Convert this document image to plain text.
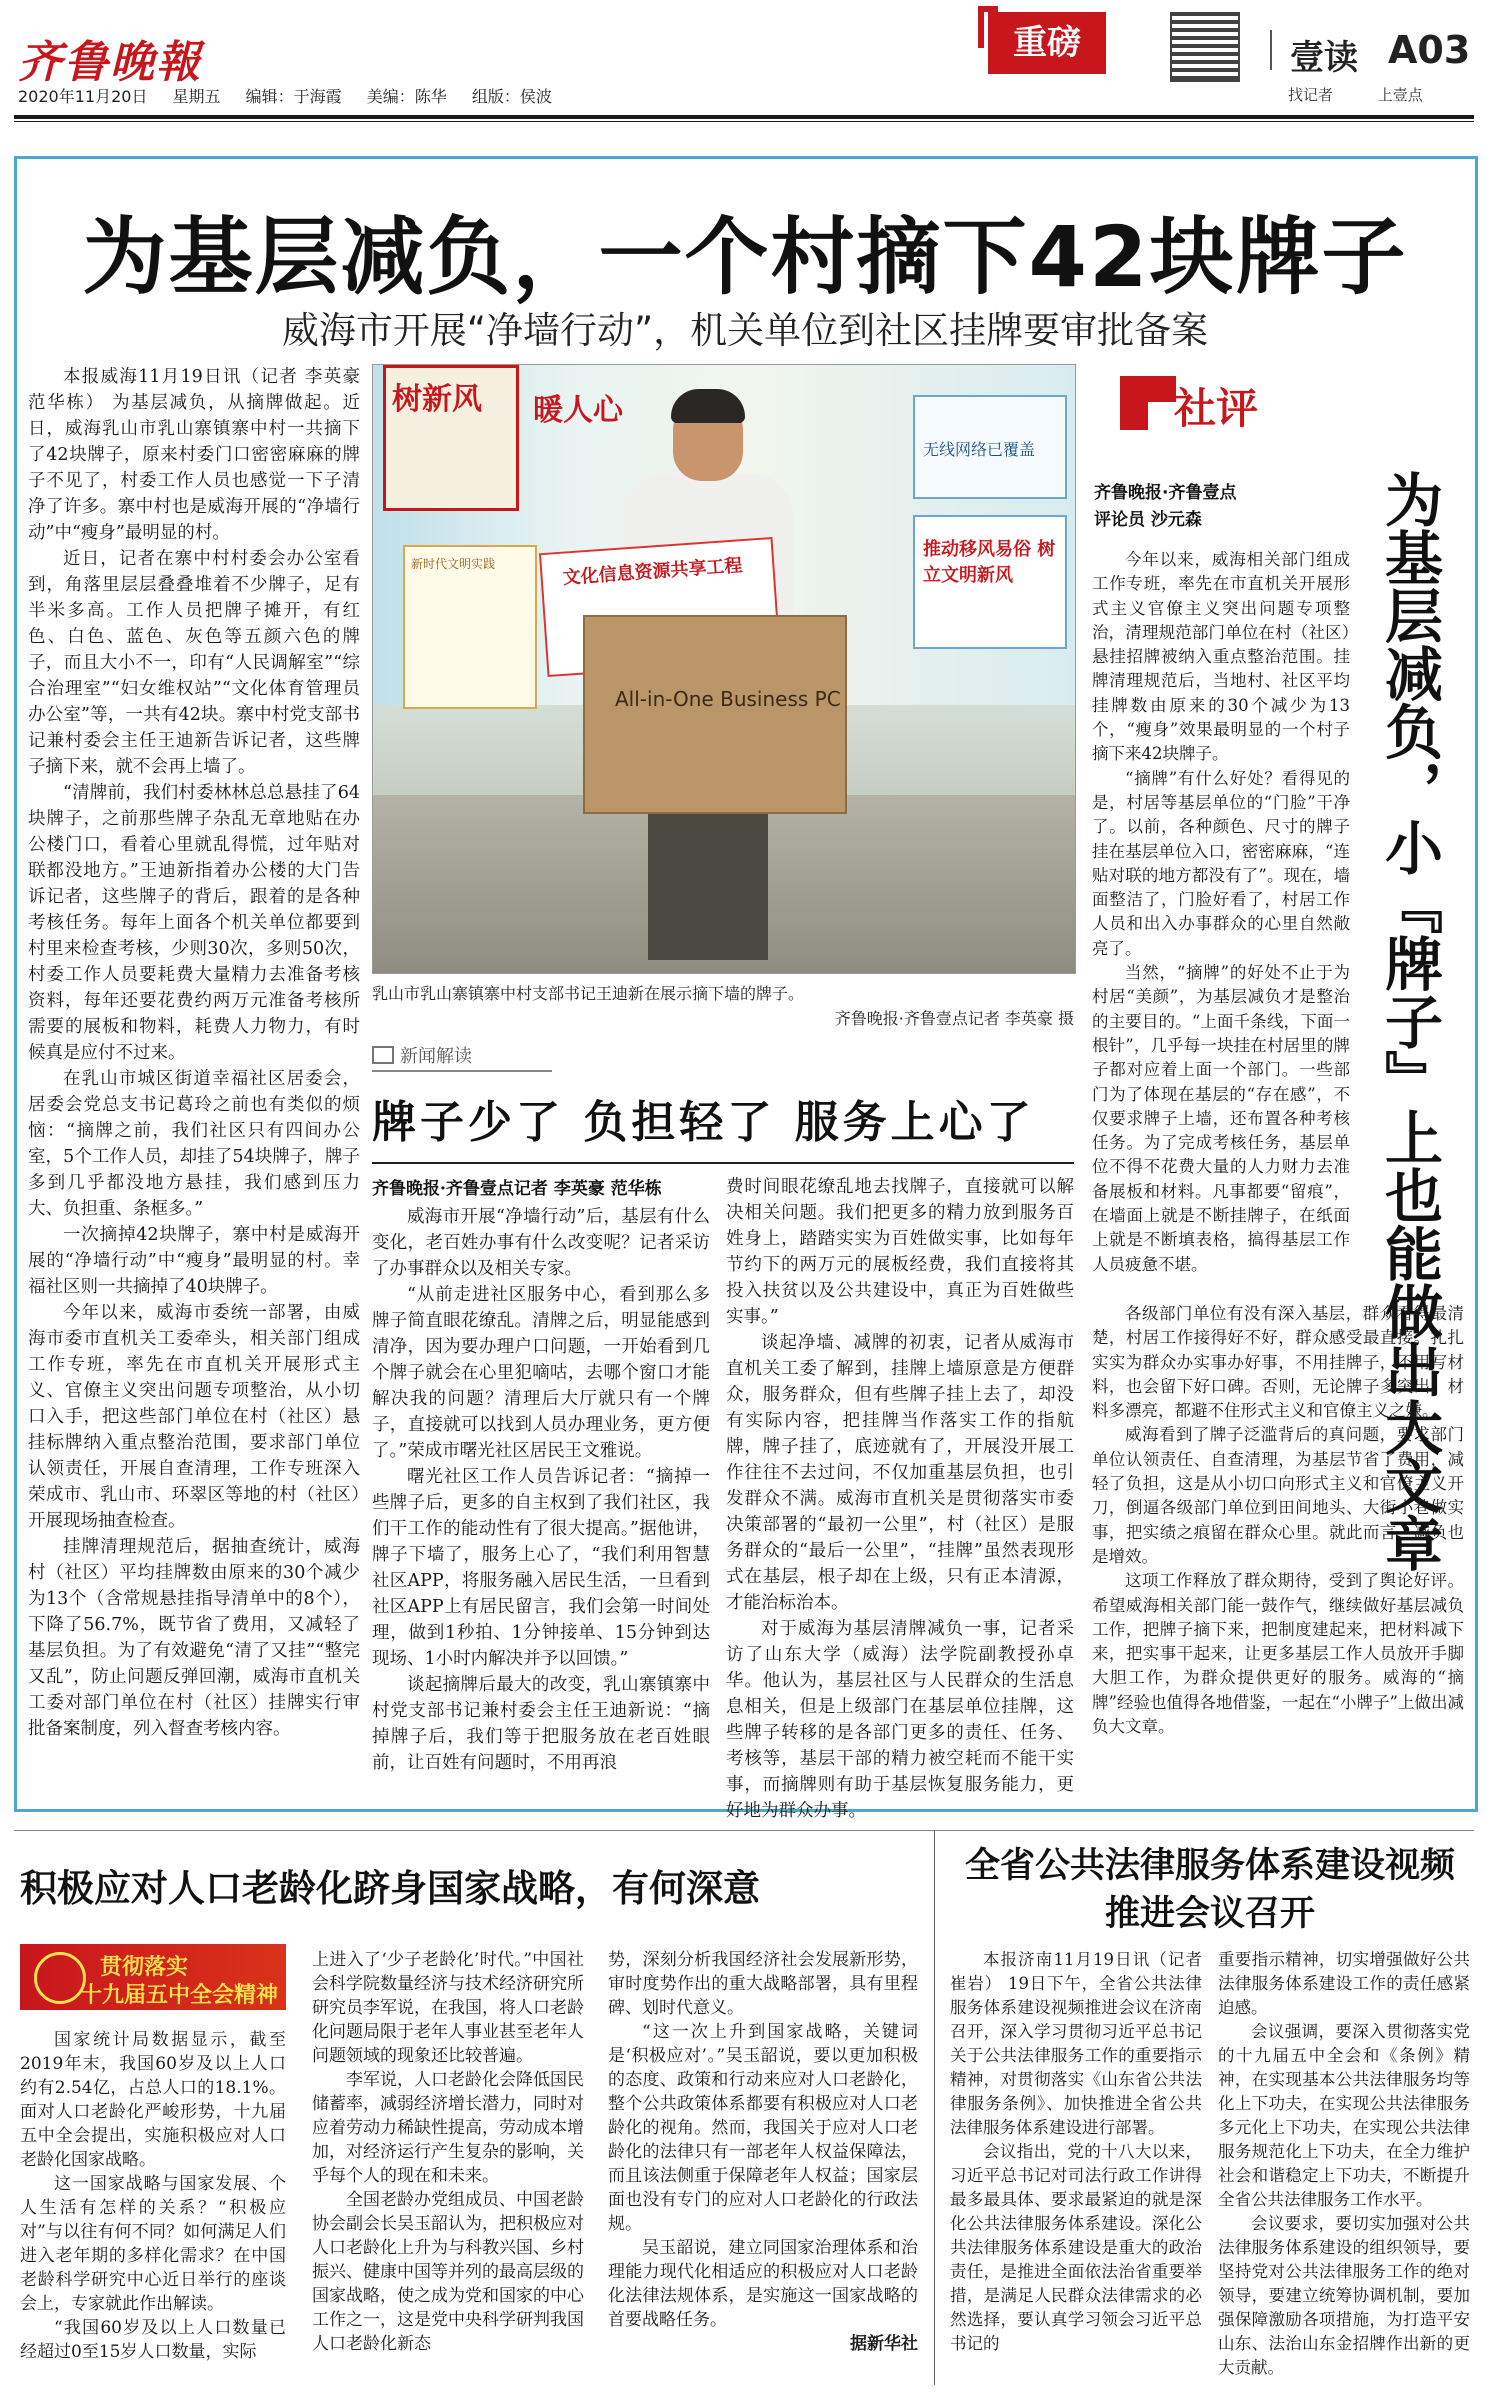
齐鲁晚報
2020年11月20日 星期五 编辑：于海霞 美编：陈华 组版：侯波
重磅	壹读 A03
找记者	上壹点
为基层减负，一个村摘下42块牌子
威海市开展“净墙行动”，机关单位到社区挂牌要审批备案

本报威海11月19日讯（记者 李英豪 范华栋） 为基层减负，从摘牌做起。近日，威海乳山市乳山寨镇寨中村一共摘下了42块牌子，原来村委门口密密麻麻的牌子不见了，村委工作人员也感觉一下子清净了许多。寨中村也是威海开展的“净墙行动”中“瘦身”最明显的村。

近日，记者在寨中村村委会办公室看到，角落里层层叠叠堆着不少牌子，足有半米多高。工作人员把牌子摊开，有红色、白色、蓝色、灰色等五颜六色的牌子，而且大小不一，印有“人民调解室”“综合治理室”“妇女维权站”“文化体育管理员办公室”等，一共有42块。寨中村党支部书记兼村委会主任王迪新告诉记者，这些牌子摘下来，就不会再上墙了。

“清牌前，我们村委林林总总悬挂了64块牌子，之前那些牌子杂乱无章地贴在办公楼门口，看着心里就乱得慌，过年贴对联都没地方。”王迪新指着办公楼的大门告诉记者，这些牌子的背后，跟着的是各种考核任务。每年上面各个机关单位都要到村里来检查考核，少则30次，多则50次，村委工作人员要耗费大量精力去准备考核资料，每年还要花费约两万元准备考核所需要的展板和物料，耗费人力物力，有时候真是应付不过来。

在乳山市城区街道幸福社区居委会，居委会党总支书记葛玲之前也有类似的烦恼：“摘牌之前，我们社区只有四间办公室，5个工作人员，却挂了54块牌子，牌子多到几乎都没地方悬挂，我们感到压力大、负担重、条框多。”

一次摘掉42块牌子，寨中村是威海开展的“净墙行动”中“瘦身”最明显的村。幸福社区则一共摘掉了40块牌子。

今年以来，威海市委统一部署，由威海市委市直机关工委牵头，相关部门组成工作专班，率先在市直机关开展形式主义、官僚主义突出问题专项整治，从小切口入手，把这些部门单位在村（社区）悬挂标牌纳入重点整治范围，要求部门单位认领责任，开展自查清理，工作专班深入荣成市、乳山市、环翠区等地的村（社区）开展现场抽查检查。

挂牌清理规范后，据抽查统计，威海村（社区）平均挂牌数由原来的30个减少为13个（含常规悬挂指导清单中的8个），下降了56.7%，既节省了费用，又减轻了基层负担。为了有效避免“清了又挂”“整完又乱”，防止问题反弹回潮，威海市直机关工委对部门单位在村（社区）挂牌实行审批备案制度，列入督查考核内容。

树新风 暖人心
新时代文明实践
无线网络已覆盖
推动移风易俗 树立文明新风
文化信息资源共享工程
All-in-One Business PC
乳山市乳山寨镇寨中村支部书记王迪新在展示摘下墙的牌子。
齐鲁晚报·齐鲁壹点记者 李英豪 摄
新闻解读
牌子少了 负担轻了 服务上心了
齐鲁晚报·齐鲁壹点记者 李英豪 范华栋

威海市开展“净墙行动”后，基层有什么变化，老百姓办事有什么改变呢？记者采访了办事群众以及相关专家。

“从前走进社区服务中心，看到那么多牌子简直眼花缭乱。清牌之后，明显能感到清净，因为要办理户口问题，一开始看到几个牌子就会在心里犯嘀咕，去哪个窗口才能解决我的问题？清理后大厅就只有一个牌子，直接就可以找到人员办理业务，更方便了。”荣成市曙光社区居民王文雅说。

曙光社区工作人员告诉记者：“摘掉一些牌子后，更多的自主权到了我们社区，我们干工作的能动性有了很大提高。”据他讲，牌子下墙了，服务上心了，“我们利用智慧社区APP，将服务融入居民生活，一旦看到社区APP上有居民留言，我们会第一时间处理，做到1秒拍、1分钟接单、15分钟到达现场、1小时内解决并予以回馈。”

谈起摘牌后最大的改变，乳山寨镇寨中村党支部书记兼村委会主任王迪新说：“摘掉牌子后，我们等于把服务放在老百姓眼前，让百姓有问题时，不用再浪

费时间眼花缭乱地去找牌子，直接就可以解决相关问题。我们把更多的精力放到服务百姓身上，踏踏实实为百姓做实事，比如每年节约下的两万元的展板经费，我们直接将其投入扶贫以及公共建设中，真正为百姓做些实事。”

谈起净墙、减牌的初衷，记者从威海市直机关工委了解到，挂牌上墙原意是方便群众，服务群众，但有些牌子挂上去了，却没有实际内容，把挂牌当作落实工作的指航牌，牌子挂了，底迹就有了，开展没开展工作往往不去过问，不仅加重基层负担，也引发群众不满。威海市直机关是贯彻落实市委决策部署的“最初一公里”，村（社区）是服务群众的“最后一公里”，“挂牌”虽然表现形式在基层，根子却在上级，只有正本清源，才能治标治本。

对于威海为基层清牌减负一事，记者采访了山东大学（威海）法学院副教授孙卓华。他认为，基层社区与人民群众的生活息息相关，但是上级部门在基层单位挂牌，这些牌子转移的是各部门更多的责任、任务、考核等，基层干部的精力被空耗而不能干实事，而摘牌则有助于基层恢复服务能力，更好地为群众办事。

社评
齐鲁晚报·齐鲁壹点
评论员 沙元森	为基层减负，小『牌子』上也能做出大文章

今年以来，威海相关部门组成工作专班，率先在市直机关开展形式主义官僚主义突出问题专项整治，清理规范部门单位在村（社区）悬挂招牌被纳入重点整治范围。挂牌清理规范后，当地村、社区平均挂牌数由原来的30个减少为13个，“瘦身”效果最明显的一个村子摘下来42块牌子。

“摘牌”有什么好处？看得见的是，村居等基层单位的“门脸”干净了。以前，各种颜色、尺寸的牌子挂在基层单位入口，密密麻麻，“连贴对联的地方都没有了”。现在，墙面整洁了，门脸好看了，村居工作人员和出入办事群众的心里自然敞亮了。

当然，“摘牌”的好处不止于为村居“美颜”，为基层减负才是整治的主要目的。“上面千条线，下面一根针”，几乎每一块挂在村居里的牌子都对应着上面一个部门。一些部门为了体现在基层的“存在感”，不仅要求牌子上墙，还布置各种考核任务。为了完成考核任务，基层单位不得不花费大量的人力财力去准备展板和材料。凡事都要“留痕”，在墙面上就是不断挂牌子，在纸面上就是不断填表格，搞得基层工作人员疲惫不堪。

各级部门单位有没有深入基层，群众看得最清楚，村居工作接得好不好，群众感受最直接。扎扎实实为群众办实事办好事，不用挂牌子，不用写材料，也会留下好口碑。否则，无论牌子多突出，材料多漂亮，都避不住形式主义和官僚主义之嫌。

威海看到了牌子泛滥背后的真问题，要求部门单位认领责任、自查清理，为基层节省了费用，减轻了负担，这是从小切口向形式主义和官僚主义开刀，倒逼各级部门单位到田间地头、大街小巷做实事，把实绩之痕留在群众心里。就此而言，减负也是增效。

这项工作释放了群众期待，受到了舆论好评。希望威海相关部门能一鼓作气，继续做好基层减负工作，把牌子摘下来，把制度建起来，把材料减下来，把实事干起来，让更多基层工作人员放开手脚大胆工作，为群众提供更好的服务。威海的“摘牌”经验也值得各地借鉴，一起在“小牌子”上做出减负大文章。

积极应对人口老龄化跻身国家战略，有何深意
贯彻落实
十九届五中全会精神

国家统计局数据显示，截至2019年末，我国60岁及以上人口约有2.54亿，占总人口的18.1%。面对人口老龄化严峻形势，十九届五中全会提出，实施积极应对人口老龄化国家战略。

这一国家战略与国家发展、个人生活有怎样的关系？“积极应对”与以往有何不同？如何满足人们进入老年期的多样化需求？在中国老龄科学研究中心近日举行的座谈会上，专家就此作出解读。

“我国60岁及以上人口数量已经超过0至15岁人口数量，实际

上进入了‘少子老龄化’时代。”中国社会科学院数量经济与技术经济研究所研究员李军说，在我国，将人口老龄化问题局限于老年人事业甚至老年人问题领域的现象还比较普遍。

李军说，人口老龄化会降低国民储蓄率，减弱经济增长潜力，同时对应着劳动力稀缺性提高，劳动成本增加，对经济运行产生复杂的影响，关乎每个人的现在和未来。

全国老龄办党组成员、中国老龄协会副会长吴玉韶认为，把积极应对人口老龄化上升为与科教兴国、乡村振兴、健康中国等并列的最高层级的国家战略，使之成为党和国家的中心工作之一，这是党中央科学研判我国人口老龄化新态

势，深刻分析我国经济社会发展新形势，审时度势作出的重大战略部署，具有里程碑、划时代意义。

“这一次上升到国家战略，关键词是‘积极应对’。”吴玉韶说，要以更加积极的态度、政策和行动来应对人口老龄化，整个公共政策体系都要有积极应对人口老龄化的视角。然而，我国关于应对人口老龄化的法律只有一部老年人权益保障法，而且该法侧重于保障老年人权益；国家层面也没有专门的应对人口老龄化的行政法规。

吴玉韶说，建立同国家治理体系和治理能力现代化相适应的积极应对人口老龄化法律法规体系，是实施这一国家战略的首要战略任务。

据新华社

全省公共法律服务体系建设视频推进会议召开

本报济南11月19日讯（记者 崔岩） 19日下午，全省公共法律服务体系建设视频推进会议在济南召开，深入学习贯彻习近平总书记关于公共法律服务工作的重要指示精神，对贯彻落实《山东省公共法律服务条例》、加快推进全省公共法律服务体系建设进行部署。

会议指出，党的十八大以来，习近平总书记对司法行政工作讲得最多最具体、要求最紧迫的就是深化公共法律服务体系建设。深化公共法律服务体系建设是重大的政治责任，是推进全面依法治省重要举措，是满足人民群众法律需求的必然选择，要认真学习领会习近平总书记的

重要指示精神，切实增强做好公共法律服务体系建设工作的责任感紧迫感。

会议强调，要深入贯彻落实党的十九届五中全会和《条例》精神，在实现基本公共法律服务均等化上下功夫，在实现公共法律服务多元化上下功夫，在实现公共法律服务规范化上下功夫，在全力维护社会和谐稳定上下功夫，不断提升全省公共法律服务工作水平。

会议要求，要切实加强对公共法律服务体系建设的组织领导，要坚持党对公共法律服务工作的绝对领导，要建立统筹协调机制，要加强保障激励各项措施，为打造平安山东、法治山东金招牌作出新的更大贡献。
